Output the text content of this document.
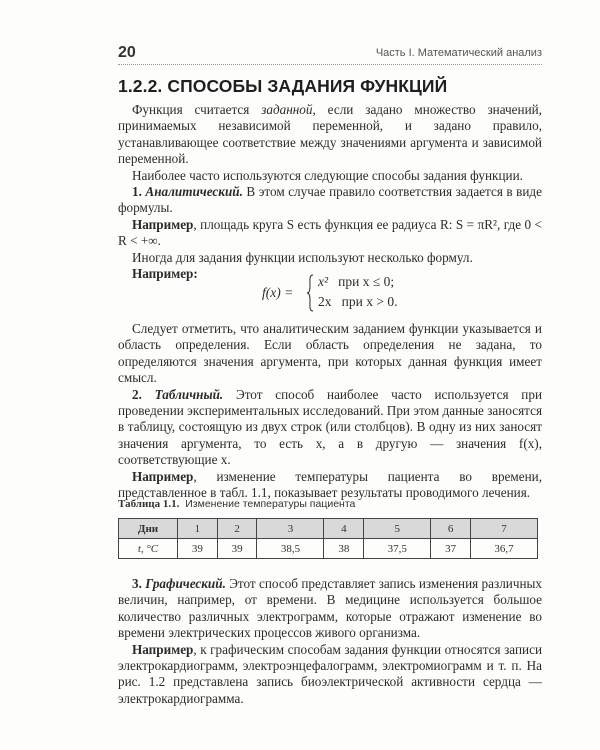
20	Часть I. Математический анализ
1.2.2. СПОСОБЫ ЗАДАНИЯ ФУНКЦИЙ

Функция считается заданной, если задано множество значений, принимаемых независимой переменной, и задано правило, устанавливающее соответствие между значениями аргумента и зависимой переменной.

Наиболее часто используются следующие способы задания функции.

1. Аналитический. В этом случае правило соответствия задается в виде формулы.

Например, площадь круга S есть функция ее радиуса R: S = πR², где 0 < R < +∞.

Иногда для задания функции используют несколько формул.

Например:

f(x) =
x² при x ≤ 0;
2x при x > 0.

Следует отметить, что аналитическим заданием функции указывается и область определения. Если область определения не задана, то определяются значения аргумента, при которых данная функция имеет смысл.

2. Табличный. Этот способ наиболее часто используется при проведении экспериментальных исследований. При этом данные заносятся в таблицу, состоящую из двух строк (или столбцов). В одну из них заносят значения аргумента, то есть x, а в другую — значения f(x), соответствующие x.

Например, изменение температуры пациента во времени, представленное в табл. 1.1, показывает результаты проводимого лечения.

Таблица 1.1. Изменение температуры пациента
Дни	1	2	3	4	5	6	7
t, °C	39	39	38,5	38	37,5	37	36,7

3. Графический. Этот способ представляет запись изменения различных величин, например, от времени. В медицине используется большое количество различных электрограмм, которые отражают изменение во времени электрических процессов живого организма.

Например, к графическим способам задания функции относятся записи электрокардиограмм, электроэнцефалограмм, электромиограмм и т. п. На рис. 1.2 представлена запись биоэлектрической активности сердца — электрокардиограмма.
